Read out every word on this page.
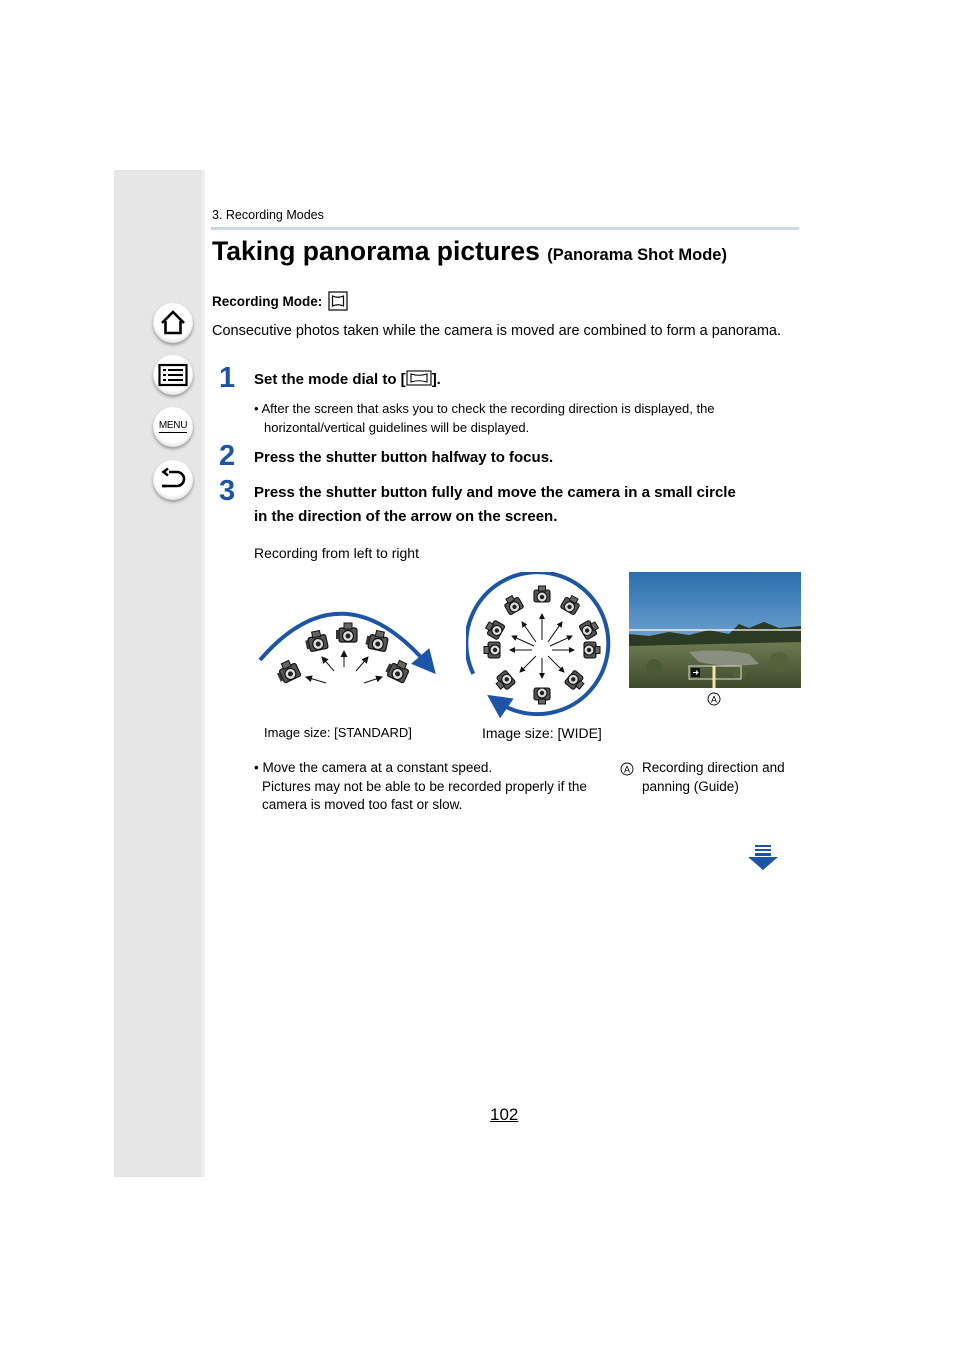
MENU
3. Recording Modes
Taking panorama pictures (Panorama Shot Mode)
Recording Mode:
Consecutive photos taken while the camera is moved are combined to form a panorama.
1 Set the mode dial to [ ].
• After the screen that asks you to check the recording direction is displayed, the
horizontal/vertical guidelines will be displayed.
2 Press the shutter button halfway to focus.
3 Press the shutter button fully and move the camera in a small circle
in the direction of the arrow on the screen.
Recording from left to right
A
Image size: [STANDARD]	Image size: [WIDE]
• Move the camera at a constant speed.
Pictures may not be able to be recorded properly if the
camera is moved too fast or slow.
A Recording direction and
panning (Guide)
102
